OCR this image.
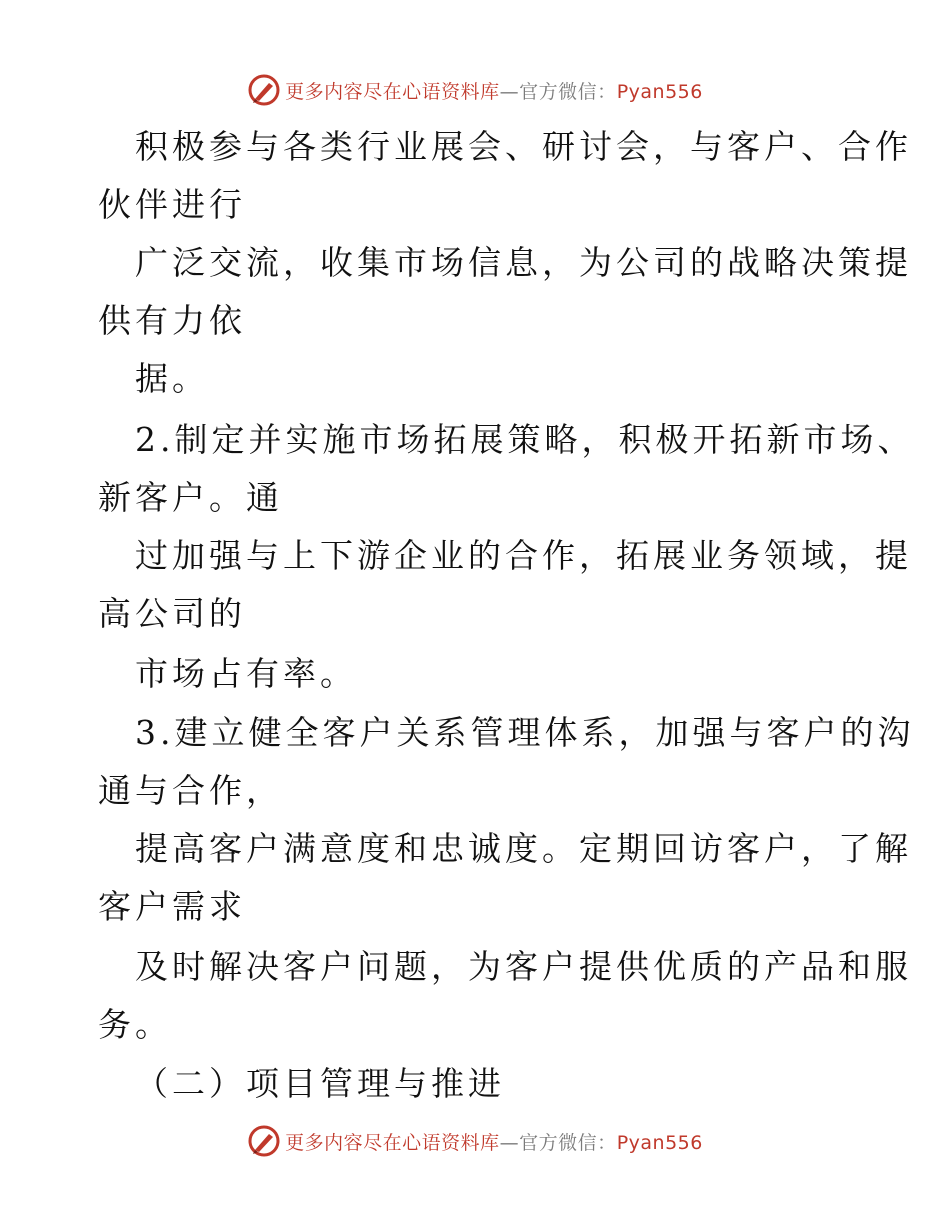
更多内容尽在心语资料库—官方微信：Pyan556
积极参与各类行业展会、研讨会，与客户、合作
伙伴进行
广泛交流，收集市场信息，为公司的战略决策提
供有力依
据。
2.制定并实施市场拓展策略，积极开拓新市场、
新客户。通
过加强与上下游企业的合作，拓展业务领域，提
高公司的
市场占有率。
3.建立健全客户关系管理体系，加强与客户的沟
通与合作，
提高客户满意度和忠诚度。定期回访客户，了解
客户需求
及时解决客户问题，为客户提供优质的产品和服
务。
（二）项目管理与推进
更多内容尽在心语资料库—官方微信：Pyan556
